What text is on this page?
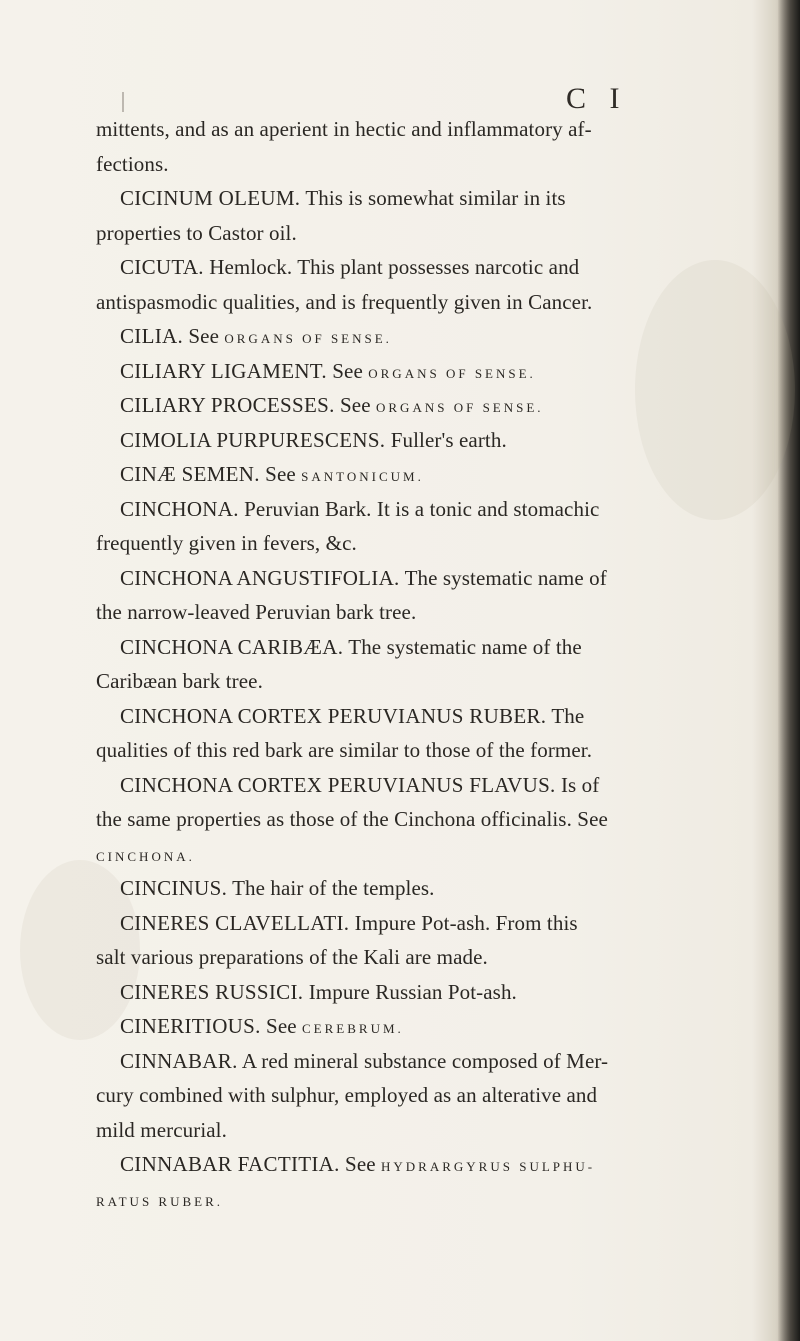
C I

mittents, and as an aperient in hectic and inflammatory af-

fections.

CICINUM OLEUM. This is somewhat similar in its

properties to Castor oil.

CICUTA. Hemlock. This plant possesses narcotic and

antispasmodic qualities, and is frequently given in Cancer.

CILIA. See ORGANS OF SENSE.

CILIARY LIGAMENT. See ORGANS OF SENSE.

CILIARY PROCESSES. See ORGANS OF SENSE.

CIMOLIA PURPURESCENS. Fuller's earth.

CINÆ SEMEN. See SANTONICUM.

CINCHONA. Peruvian Bark. It is a tonic and stomachic

frequently given in fevers, &c.

CINCHONA ANGUSTIFOLIA. The systematic name of

the narrow-leaved Peruvian bark tree.

CINCHONA CARIBÆA. The systematic name of the

Caribæan bark tree.

CINCHONA CORTEX PERUVIANUS RUBER. The

qualities of this red bark are similar to those of the former.

CINCHONA CORTEX PERUVIANUS FLAVUS. Is of

the same properties as those of the Cinchona officinalis. See

CINCHONA.

CINCINUS. The hair of the temples.

CINERES CLAVELLATI. Impure Pot-ash. From this

salt various preparations of the Kali are made.

CINERES RUSSICI. Impure Russian Pot-ash.

CINERITIOUS. See CEREBRUM.

CINNABAR. A red mineral substance composed of Mer-

cury combined with sulphur, employed as an alterative and

mild mercurial.

CINNABAR FACTITIA. See HYDRARGYRUS SULPHU-

RATUS RUBER.
